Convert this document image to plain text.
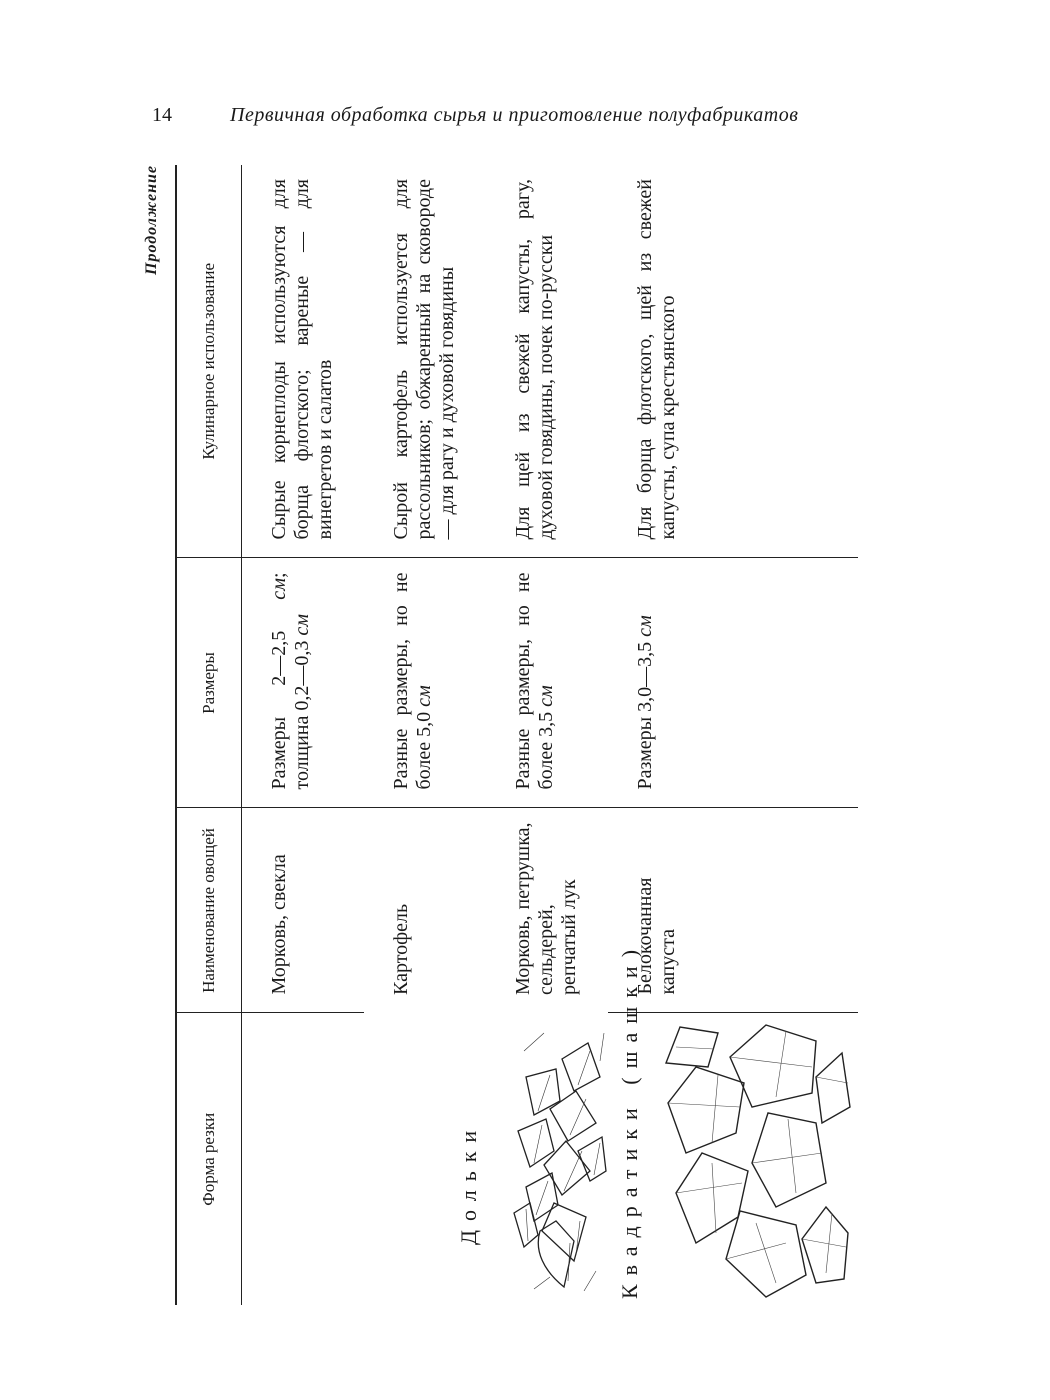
14	Первичная обработка сырья и приготовление полуфабрикатов
Продолжение
Форма резки	Наименование овощей	Размеры	Кулинарное использование

Дольки	Морковь, свекла	Размеры 2—2,5 см; толщина 0,2—0,3 см	Сырые корнеплоды используются для борща флотского; вареные — для винегретов и салатов
	Картофель	Разные размеры, но не более 5,0 см	Сырой картофель используется для рассольников; обжаренный на сковороде — для рагу и духовой говядины
	Морковь, петрушка, сельдерей, репчатый лук	Разные размеры, но не более 3,5 см	Для щей из свежей капусты, рагу, духовой говядины, почек по-русски

Квадратики (шашки)	Белокочанная капуста	Размеры 3,0—3,5 см	Для борща флотского, щей из свежей капусты, супа крестьянского
